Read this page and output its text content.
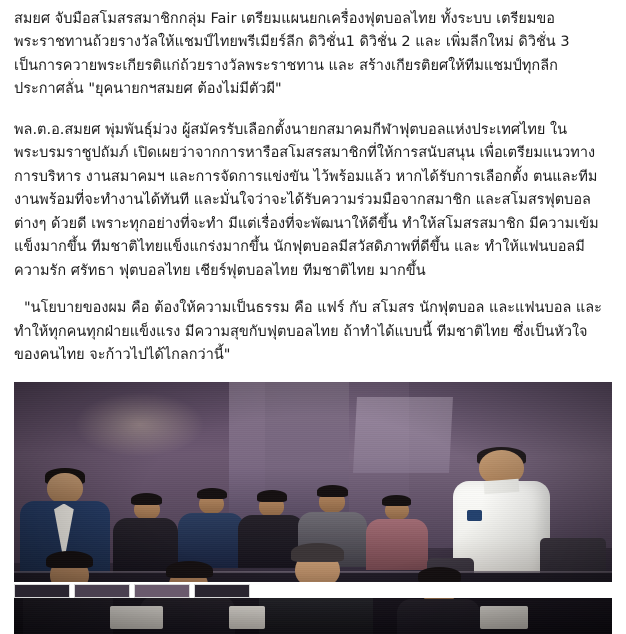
สมยศ จับมือสโมสรสมาชิกกลุ่ม Fair เตรียมแผนยกเครื่องฟุตบอลไทย ทั้งระบบ เตรียมขอพระราชทานถ้วยรางวัลให้แชมป์ไทยพรีเมียร์ลีก ดิวิชั่น1 ดิวิชั่น 2 และ เพิ่มลีกใหม่ ดิวิชั่น 3 เป็นการควายพระเกียรติแก่ถ้วยรางวัลพระราชทาน และ สร้างเกียรติยศให้ทีมแชมป์ทุกลีก ประกาศลั่น "ยุคนายกฯสมยศ ต้องไม่มีตัวผี"

พล.ต.อ.สมยศ พุ่มพันธุ์ม่วง ผู้สมัครรับเลือกตั้งนายกสมาคมกีฬาฟุตบอลแห่งประเทศไทย ในพระบรมราชูปถัมภ์ เปิดเผยว่าจากการหารือสโมสรสมาชิกที่ให้การสนับสนุน เพื่อเตรียมแนวทางการบริหาร งานสมาคมฯ และการจัดการแข่งขัน ไว้พร้อมแล้ว หากได้รับการเลือกตั้ง ตนและทีมงานพร้อมที่จะทำงานได้ทันที และมั่นใจว่าจะได้รับความร่วมมือจากสมาชิก และสโมสรฟุตบอลต่างๆ ด้วยดี เพราะทุกอย่างที่จะทำ มีแต่เรื่องที่จะพัฒนาให้ดีขึ้น ทำให้สโมสรสมาชิก มีความเข้มแข็งมากขึ้น ทีมชาติไทยแข็งแกร่งมากขึ้น นักฟุตบอลมีสวัสดิภาพที่ดีขึ้น และ ทำให้แฟนบอลมีความรัก ศรัทธา ฟุตบอลไทย เชียร์ฟุตบอลไทย ทีมชาติไทย มากขึ้น

"นโยบายของผม คือ ต้องให้ความเป็นธรรม คือ แฟร์ กับ สโมสร นักฟุตบอล และแฟนบอล และทำให้ทุกคนทุกฝ่ายแข็งแรง มีความสุขกับฟุตบอลไทย ถ้าทำได้แบบนี้ ทีมชาติไทย ซึ่งเป็นหัวใจของคนไทย จะก้าวไปได้ไกลกว่านี้"
